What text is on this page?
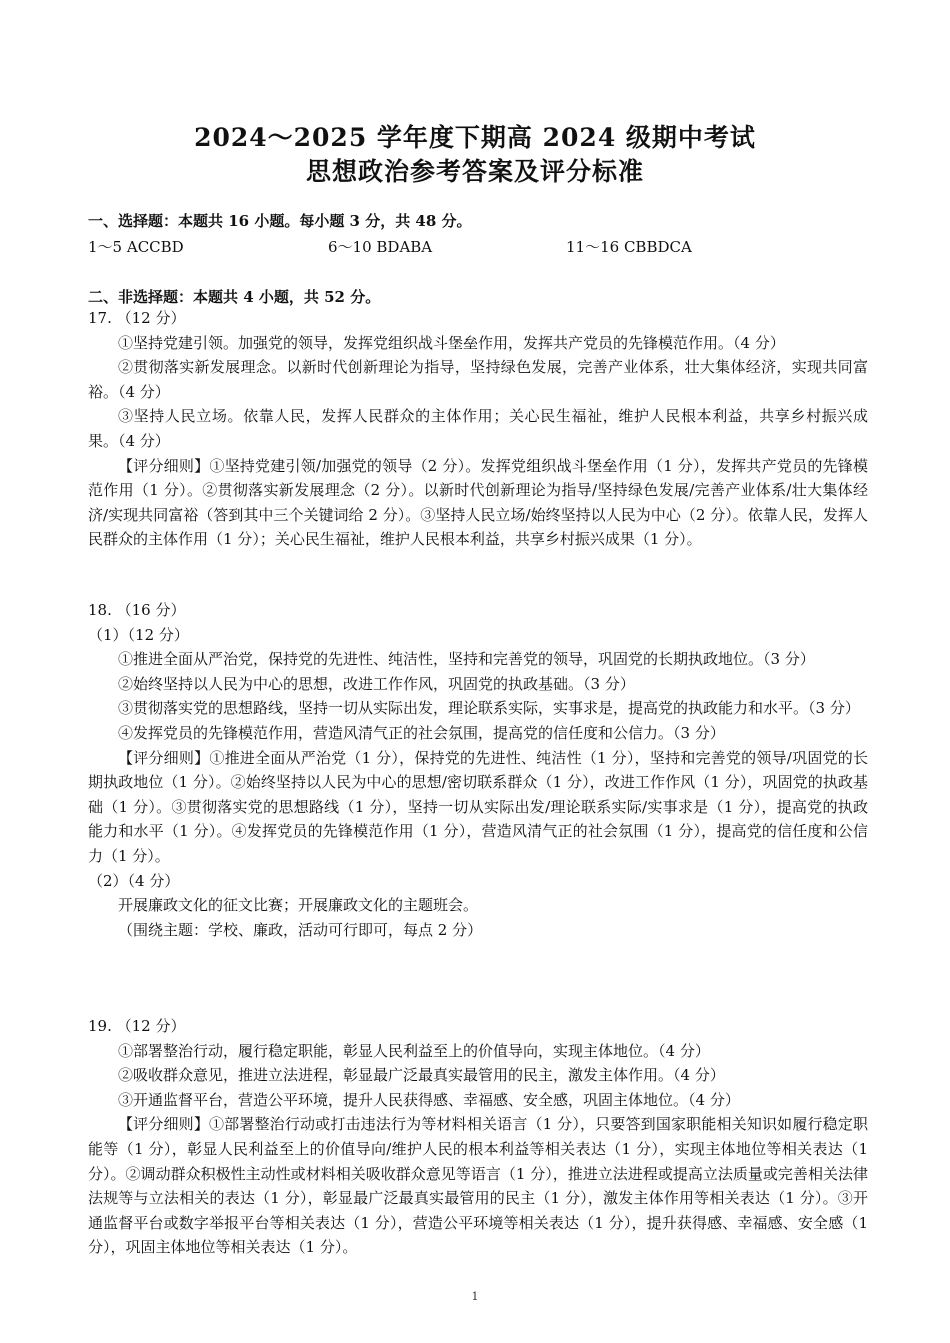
2024～2025 学年度下期高 2024 级期中考试
思想政治参考答案及评分标准
一、选择题：本题共 16 小题。每小题 3 分，共 48 分。
1～5 ACCBD	6～10 BDABA	11～16 CBBDCA
二、非选择题：本题共 4 小题，共 52 分。

17. （12 分）

①坚持党建引领。加强党的领导，发挥党组织战斗堡垒作用，发挥共产党员的先锋模范作用。（4 分）

②贯彻落实新发展理念。以新时代创新理论为指导，坚持绿色发展，完善产业体系，壮大集体经济，实现共同富裕。（4 分）

③坚持人民立场。依靠人民，发挥人民群众的主体作用；关心民生福祉，维护人民根本利益，共享乡村振兴成果。（4 分）

【评分细则】①坚持党建引领/加强党的领导（2 分）。发挥党组织战斗堡垒作用（1 分），发挥共产党员的先锋模范作用（1 分）。②贯彻落实新发展理念（2 分）。以新时代创新理论为指导/坚持绿色发展/完善产业体系/壮大集体经济/实现共同富裕（答到其中三个关键词给 2 分）。③坚持人民立场/始终坚持以人民为中心（2 分）。依靠人民，发挥人民群众的主体作用（1 分）；关心民生福祉，维护人民根本利益，共享乡村振兴成果（1 分）。

18. （16 分）

（1）（12 分）

①推进全面从严治党，保持党的先进性、纯洁性，坚持和完善党的领导，巩固党的长期执政地位。（3 分）

②始终坚持以人民为中心的思想，改进工作作风，巩固党的执政基础。（3 分）

③贯彻落实党的思想路线，坚持一切从实际出发，理论联系实际，实事求是，提高党的执政能力和水平。（3 分）

④发挥党员的先锋模范作用，营造风清气正的社会氛围，提高党的信任度和公信力。（3 分）

【评分细则】①推进全面从严治党（1 分），保持党的先进性、纯洁性（1 分），坚持和完善党的领导/巩固党的长期执政地位（1 分）。②始终坚持以人民为中心的思想/密切联系群众（1 分），改进工作作风（1 分），巩固党的执政基础（1 分）。③贯彻落实党的思想路线（1 分），坚持一切从实际出发/理论联系实际/实事求是（1 分），提高党的执政能力和水平（1 分）。④发挥党员的先锋模范作用（1 分），营造风清气正的社会氛围（1 分），提高党的信任度和公信力（1 分）。

（2）（4 分）

开展廉政文化的征文比赛；开展廉政文化的主题班会。

（围绕主题：学校、廉政，活动可行即可，每点 2 分）

19. （12 分）

①部署整治行动，履行稳定职能，彰显人民利益至上的价值导向，实现主体地位。（4 分）

②吸收群众意见，推进立法进程，彰显最广泛最真实最管用的民主，激发主体作用。（4 分）

③开通监督平台，营造公平环境，提升人民获得感、幸福感、安全感，巩固主体地位。（4 分）

【评分细则】①部署整治行动或打击违法行为等材料相关语言（1 分），只要答到国家职能相关知识如履行稳定职能等（1 分），彰显人民利益至上的价值导向/维护人民的根本利益等相关表达（1 分），实现主体地位等相关表达（1 分）。②调动群众积极性主动性或材料相关吸收群众意见等语言（1 分），推进立法进程或提高立法质量或完善相关法律法规等与立法相关的表达（1 分），彰显最广泛最真实最管用的民主（1 分），激发主体作用等相关表达（1 分）。③开通监督平台或数字举报平台等相关表达（1 分），营造公平环境等相关表达（1 分），提升获得感、幸福感、安全感（1 分），巩固主体地位等相关表达（1 分）。

1
